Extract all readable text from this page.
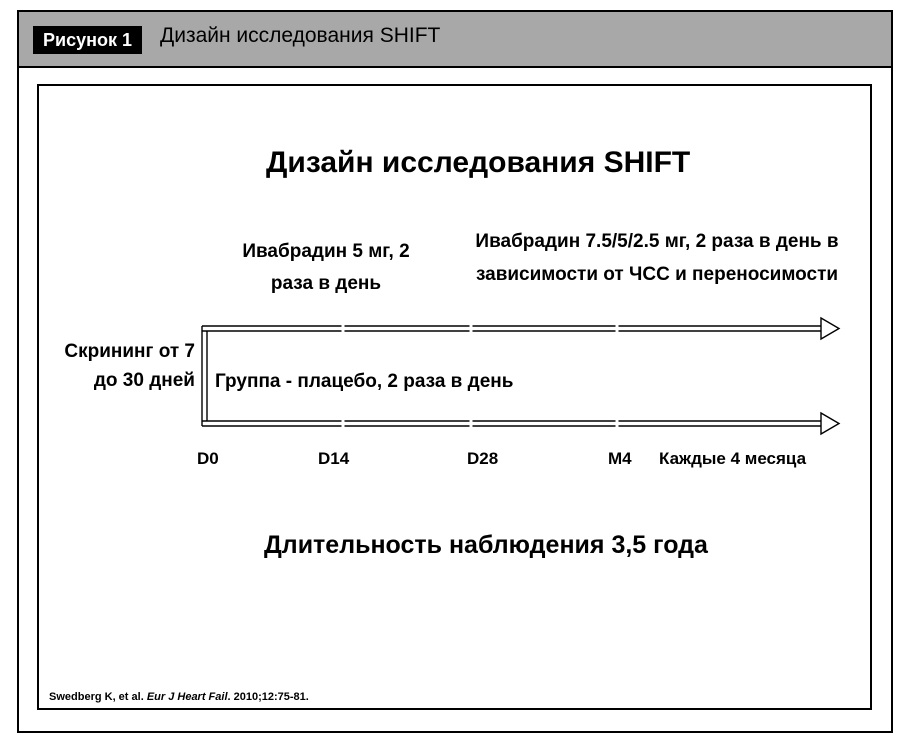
Рисунок 1	Дизайн исследования SHIFT
Дизайн исследования SHIFT
Ивабрадин 5 мг, 2 раза в день
Ивабрадин 7.5/5/2.5 мг, 2 раза в день в зависимости от ЧСС и переносимости
Скрининг от 7 до 30 дней Группа - плацебо, 2 раза в день
D0	D14	D28	M4 Каждые 4 месяца
Длительность наблюдения 3,5 года
Swedberg K, et al. Eur J Heart Fail. 2010;12:75-81.
